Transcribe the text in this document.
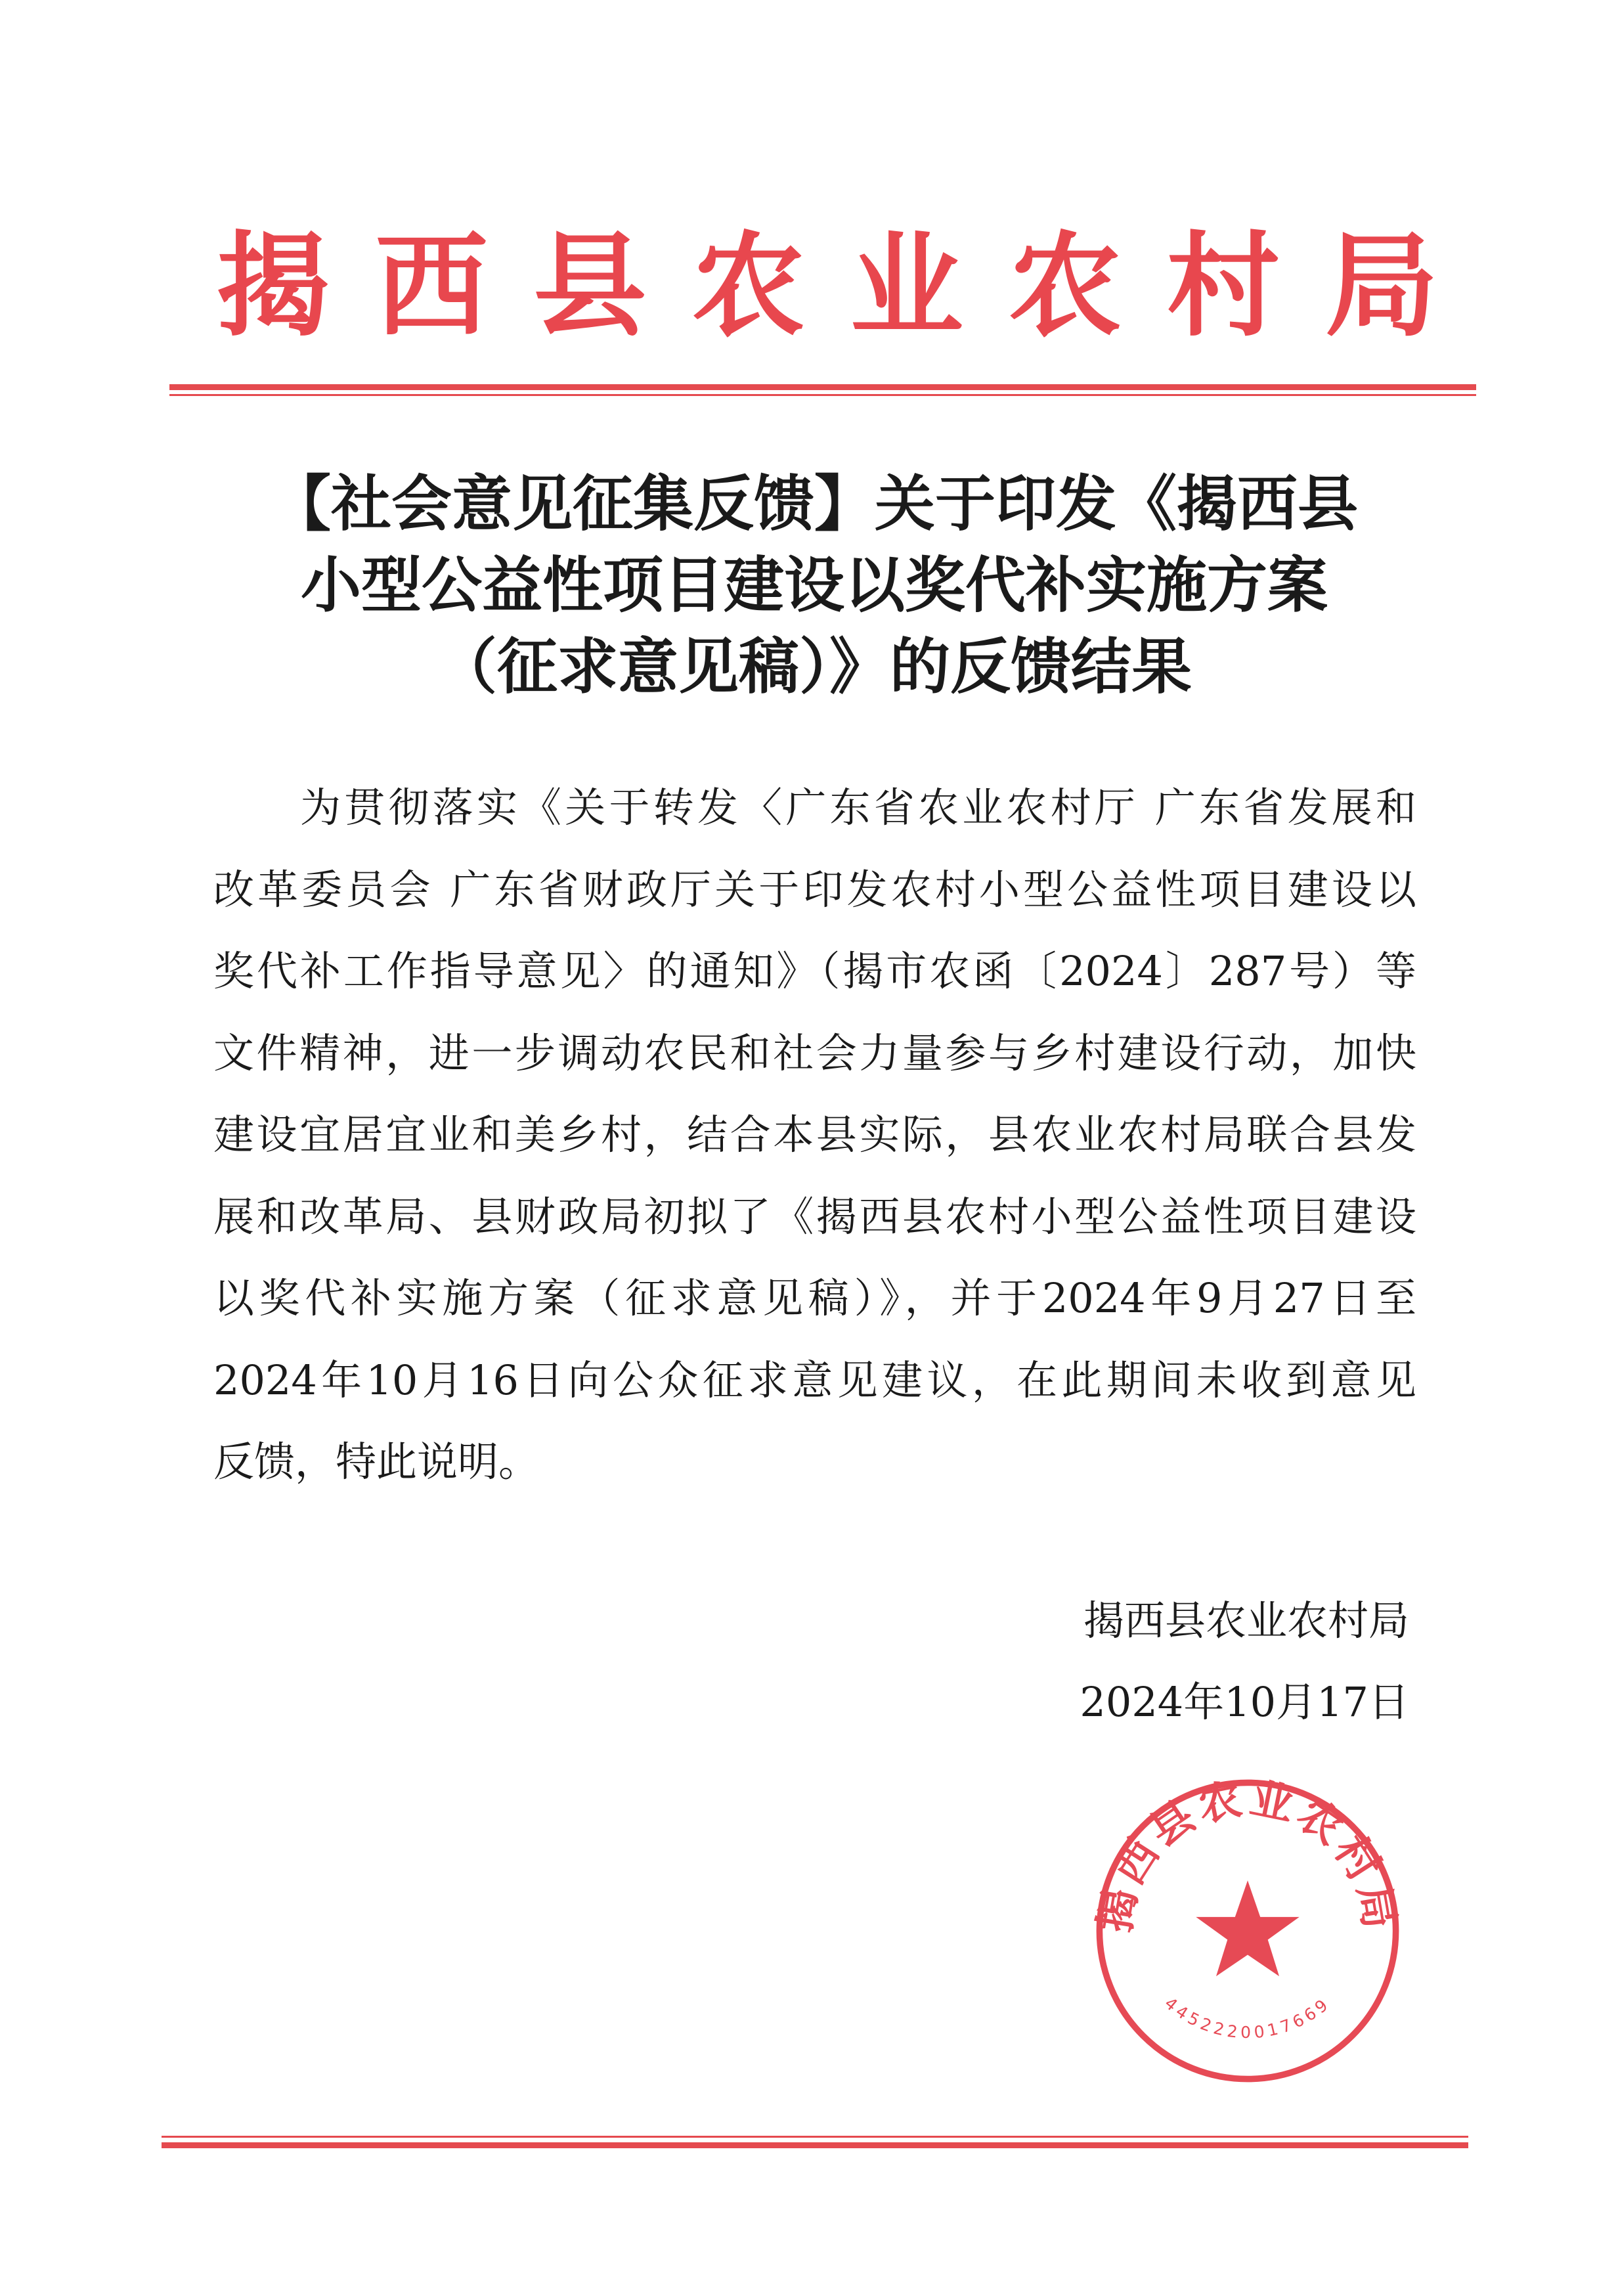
揭 西 县 农 业 农 村 局
【社会意见征集反馈】关于印发《揭西县
小型公益性项目建设以奖代补实施方案
（征求意见稿）》的反馈结果
为贯彻落实《关于转发〈广东省农业农村厅 广东省发展和
改革委员会 广东省财政厅关于印发农村小型公益性项目建设以
奖代补工作指导意见〉的通知》（揭市农函〔2024〕287号）等
文件精神，进一步调动农民和社会力量参与乡村建设行动，加快
建设宜居宜业和美乡村，结合本县实际，县农业农村局联合县发
展和改革局、县财政局初拟了《揭西县农村小型公益性项目建设
以奖代补实施方案（征求意见稿）》，并于2024年9月27日至
2024年10月16日向公众征求意见建议，在此期间未收到意见
反馈，特此说明。
揭西县农业农村局
2024年10月17日
揭西县农业农村局
4452220017669
